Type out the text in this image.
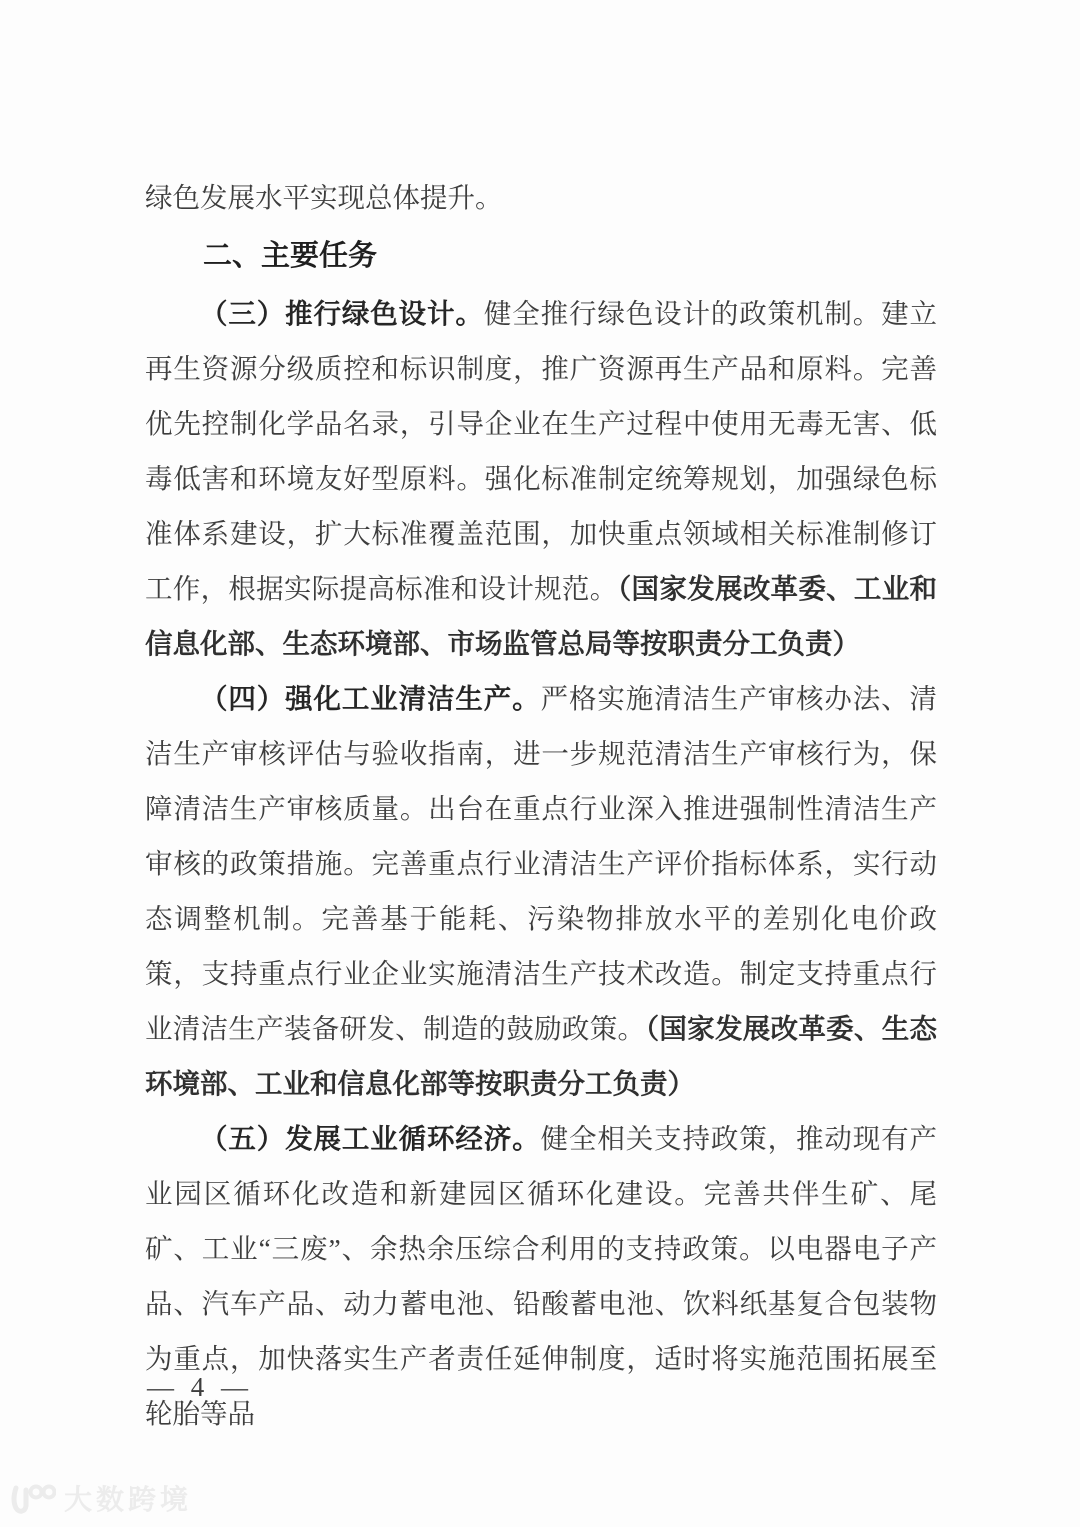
绿色发展水平实现总体提升。

二、主要任务

（三）推行绿色设计。健全推行绿色设计的政策机制。建立再生资源分级质控和标识制度，推广资源再生产品和原料。完善优先控制化学品名录，引导企业在生产过程中使用无毒无害、低毒低害和环境友好型原料。强化标准制定统筹规划，加强绿色标准体系建设，扩大标准覆盖范围，加快重点领域相关标准制修订工作，根据实际提高标准和设计规范。（国家发展改革委、工业和信息化部、生态环境部、市场监管总局等按职责分工负责）

（四）强化工业清洁生产。严格实施清洁生产审核办法、清洁生产审核评估与验收指南，进一步规范清洁生产审核行为，保障清洁生产审核质量。出台在重点行业深入推进强制性清洁生产审核的政策措施。完善重点行业清洁生产评价指标体系，实行动态调整机制。完善基于能耗、污染物排放水平的差别化电价政策，支持重点行业企业实施清洁生产技术改造。制定支持重点行业清洁生产装备研发、制造的鼓励政策。（国家发展改革委、生态环境部、工业和信息化部等按职责分工负责）

（五）发展工业循环经济。健全相关支持政策，推动现有产业园区循环化改造和新建园区循环化建设。完善共伴生矿、尾矿、工业“三废”、余热余压综合利用的支持政策。以电器电子产品、汽车产品、动力蓄电池、铅酸蓄电池、饮料纸基复合包装物为重点，加快落实生产者责任延伸制度，适时将实施范围拓展至轮胎等品

— 4 —
大数跨境
